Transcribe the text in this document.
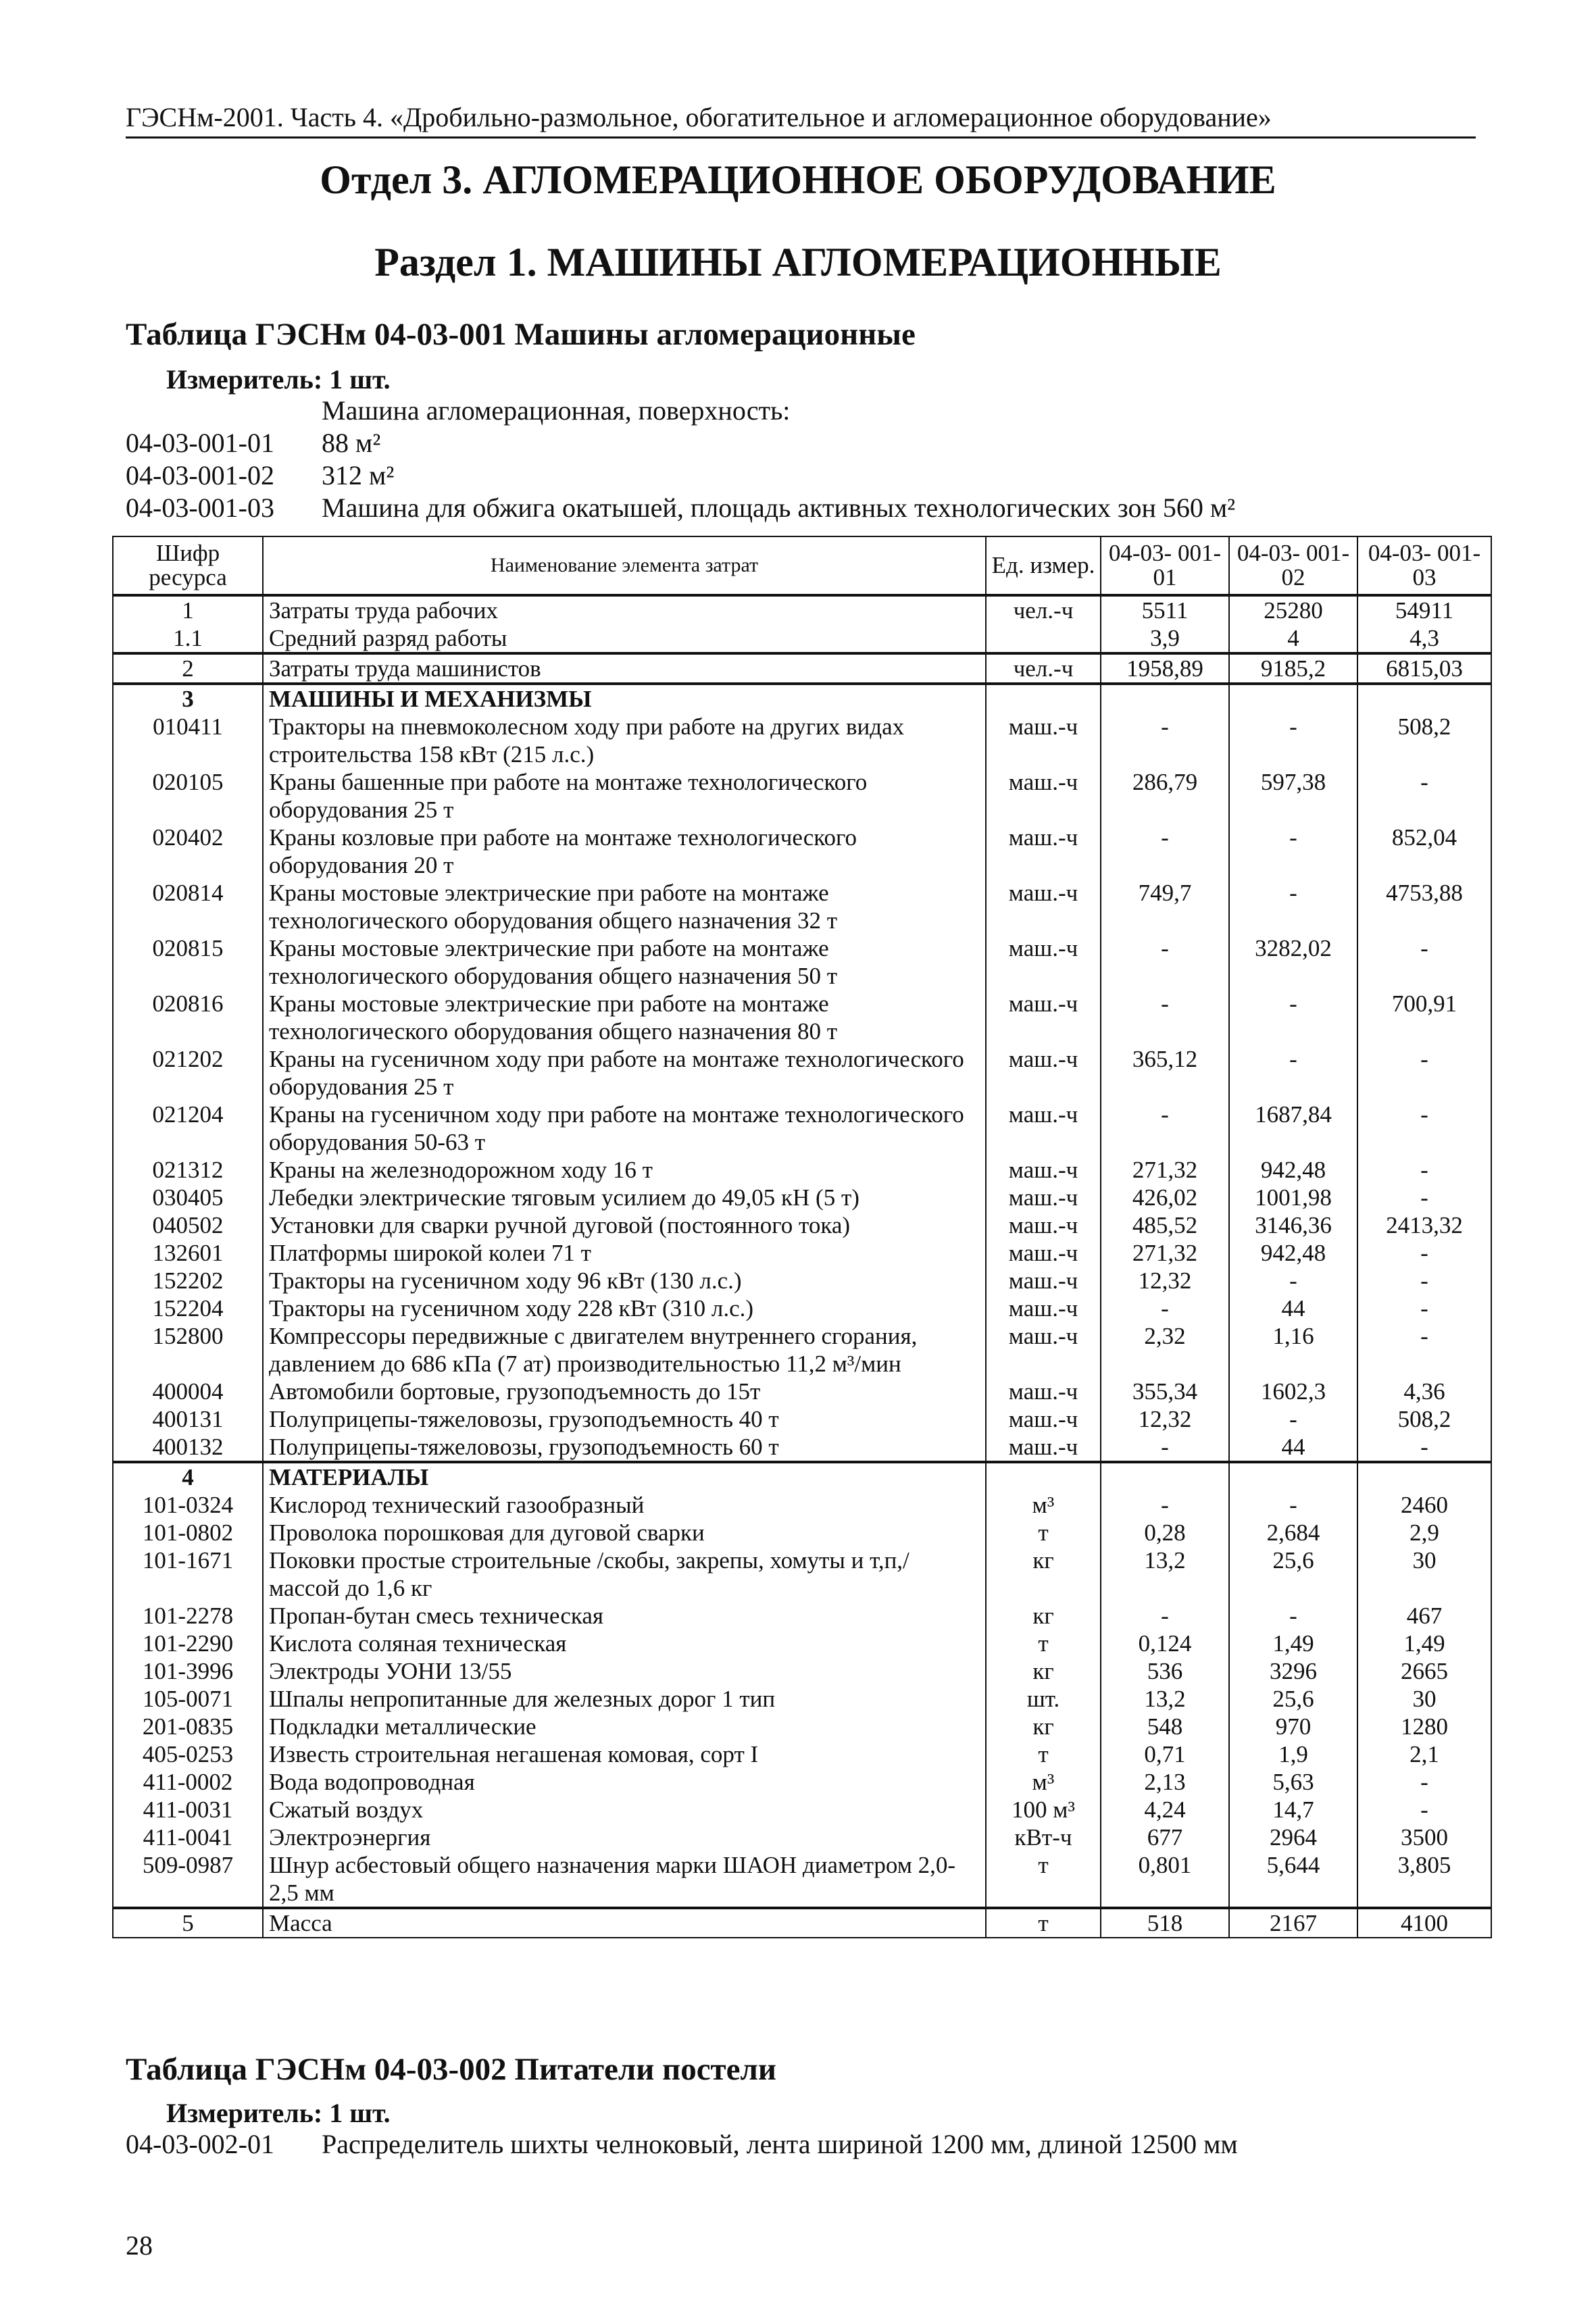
ГЭСНм-2001. Часть 4. «Дробильно-размольное, обогатительное и агломерационное оборудование»
Отдел 3. АГЛОМЕРАЦИОННОЕ ОБОРУДОВАНИЕ
Раздел 1. МАШИНЫ АГЛОМЕРАЦИОННЫЕ
Таблица ГЭСНм 04-03-001 Машины агломерационные
Измеритель: 1 шт.
Машина агломерационная, поверхность:
04-03-001-01 88 м²
04-03-001-02 312 м²
04-03-001-03 Машина для обжига окатышей, площадь активных технологических зон 560 м²
Шифр ресурса	Наименование элемента затрат	Ед. измер.	04-03- 001-01	04-03- 001-02	04-03- 001-03
1	Затраты труда рабочих	чел.-ч	5511	25280	54911
1.1	Средний разряд работы		3,9	4	4,3
2	Затраты труда машинистов	чел.-ч	1958,89	9185,2	6815,03
3	МАШИНЫ И МЕХАНИЗМЫ				
010411	Тракторы на пневмоколесном ходу при работе на других видах строительства 158 кВт (215 л.с.)	маш.-ч	-	-	508,2
020105	Краны башенные при работе на монтаже технологического оборудования 25 т	маш.-ч	286,79	597,38	-
020402	Краны козловые при работе на монтаже технологического оборудования 20 т	маш.-ч	-	-	852,04
020814	Краны мостовые электрические при работе на монтаже технологического оборудования общего назначения 32 т	маш.-ч	749,7	-	4753,88
020815	Краны мостовые электрические при работе на монтаже технологического оборудования общего назначения 50 т	маш.-ч	-	3282,02	-
020816	Краны мостовые электрические при работе на монтаже технологического оборудования общего назначения 80 т	маш.-ч	-	-	700,91
021202	Краны на гусеничном ходу при работе на монтаже технологического оборудования 25 т	маш.-ч	365,12	-	-
021204	Краны на гусеничном ходу при работе на монтаже технологического оборудования 50-63 т	маш.-ч	-	1687,84	-
021312	Краны на железнодорожном ходу 16 т	маш.-ч	271,32	942,48	-
030405	Лебедки электрические тяговым усилием до 49,05 кН (5 т)	маш.-ч	426,02	1001,98	-
040502	Установки для сварки ручной дуговой (постоянного тока)	маш.-ч	485,52	3146,36	2413,32
132601	Платформы широкой колеи 71 т	маш.-ч	271,32	942,48	-
152202	Тракторы на гусеничном ходу 96 кВт (130 л.с.)	маш.-ч	12,32	-	-
152204	Тракторы на гусеничном ходу 228 кВт (310 л.с.)	маш.-ч	-	44	-
152800	Компрессоры передвижные с двигателем внутреннего сгорания, давлением до 686 кПа (7 ат) производительностью 11,2 м³/мин	маш.-ч	2,32	1,16	-
400004	Автомобили бортовые, грузоподъемность до 15т	маш.-ч	355,34	1602,3	4,36
400131	Полуприцепы-тяжеловозы, грузоподъемность 40 т	маш.-ч	12,32	-	508,2
400132	Полуприцепы-тяжеловозы, грузоподъемность 60 т	маш.-ч	-	44	-
4	МАТЕРИАЛЫ				
101-0324	Кислород технический газообразный	м³	-	-	2460
101-0802	Проволока порошковая для дуговой сварки	т	0,28	2,684	2,9
101-1671	Поковки простые строительные /скобы, закрепы, хомуты и т,п,/ массой до 1,6 кг	кг	13,2	25,6	30
101-2278	Пропан-бутан смесь техническая	кг	-	-	467
101-2290	Кислота соляная техническая	т	0,124	1,49	1,49
101-3996	Электроды УОНИ 13/55	кг	536	3296	2665
105-0071	Шпалы непропитанные для железных дорог 1 тип	шт.	13,2	25,6	30
201-0835	Подкладки металлические	кг	548	970	1280
405-0253	Известь строительная негашеная комовая, сорт I	т	0,71	1,9	2,1
411-0002	Вода водопроводная	м³	2,13	5,63	-
411-0031	Сжатый воздух	100 м³	4,24	14,7	-
411-0041	Электроэнергия	кВт-ч	677	2964	3500
509-0987	Шнур асбестовый общего назначения марки ШАОН диаметром 2,0-2,5 мм	т	0,801	5,644	3,805
5	Масса	т	518	2167	4100
Таблица ГЭСНм 04-03-002 Питатели постели
Измеритель: 1 шт.
04-03-002-01 Распределитель шихты челноковый, лента шириной 1200 мм, длиной 12500 мм
28
